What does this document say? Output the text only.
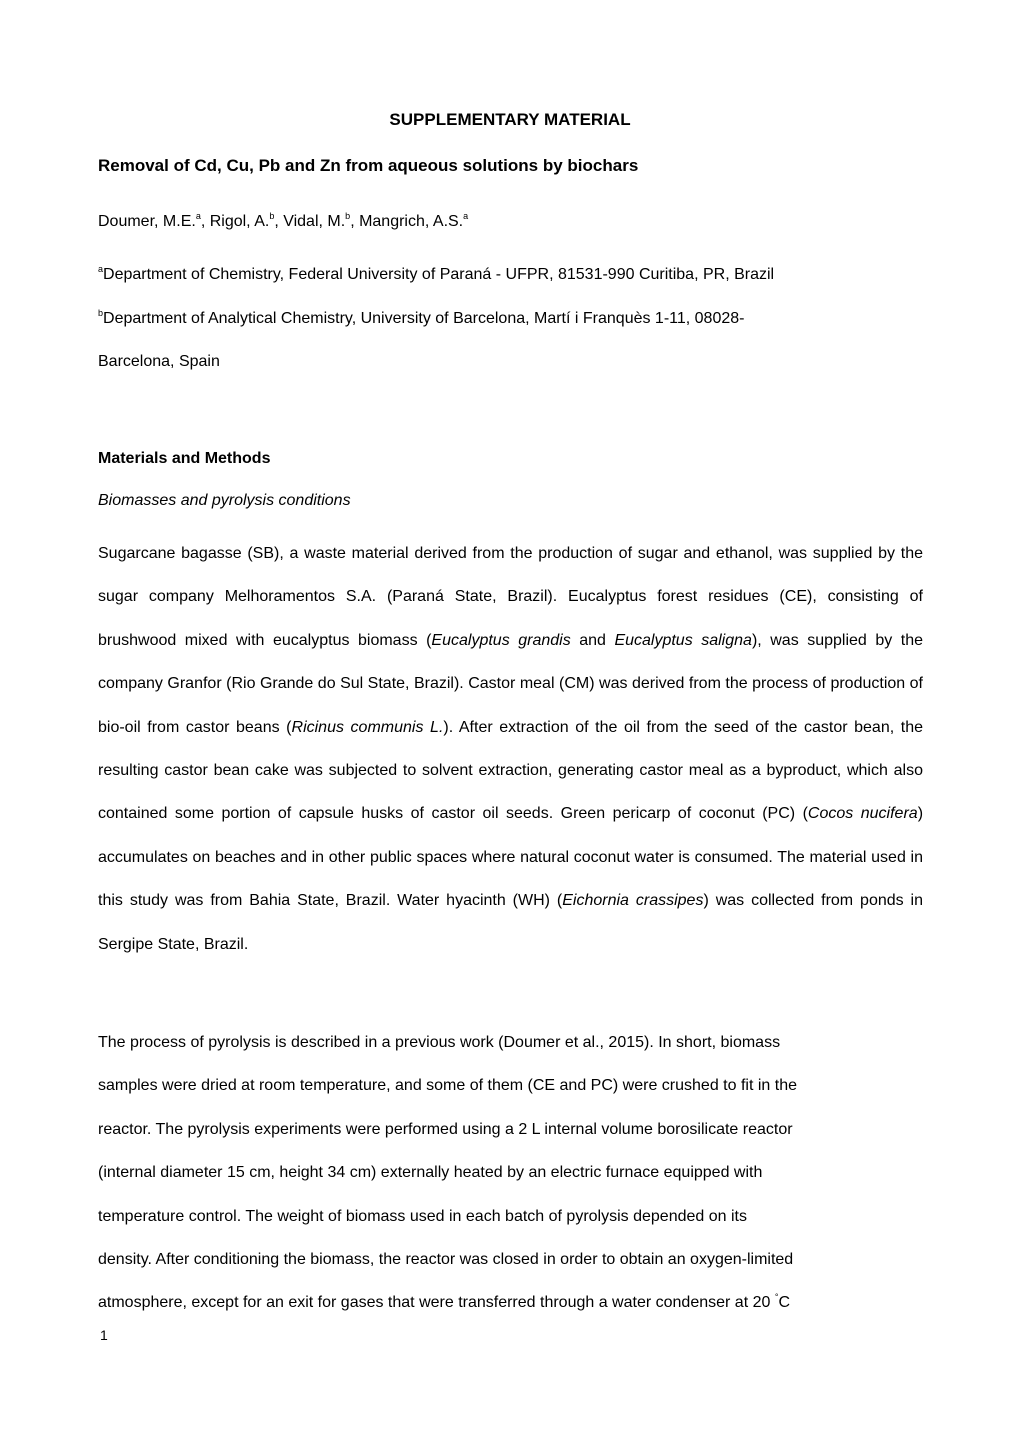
SUPPLEMENTARY MATERIAL

Removal of Cd, Cu, Pb and Zn from aqueous solutions by biochars

Doumer, M.E.$^a$, Rigol, A.$^b$, Vidal, M.$^b$, Mangrich, A.S.$^a$

$^a$Department of Chemistry, Federal University of Paraná - UFPR, 81531-990 Curitiba, PR, Brazil

$^b$Department of Analytical Chemistry, University of Barcelona, Martí i Franquès 1-11, 08028-

Barcelona, Spain

Materials and Methods

Biomasses and pyrolysis conditions

Sugarcane bagasse (SB), a waste material derived from the production of sugar and ethanol, was supplied by the sugar company Melhoramentos S.A. (Paraná State, Brazil). Eucalyptus forest residues (CE), consisting of brushwood mixed with eucalyptus biomass (Eucalyptus grandis and Eucalyptus saligna), was supplied by the company Granfor (Rio Grande do Sul State, Brazil). Castor meal (CM) was derived from the process of production of bio-oil from castor beans (Ricinus communis L.). After extraction of the oil from the seed of the castor bean, the resulting castor bean cake was subjected to solvent extraction, generating castor meal as a byproduct, which also contained some portion of capsule husks of castor oil seeds. Green pericarp of coconut (PC) (Cocos nucifera) accumulates on beaches and in other public spaces where natural coconut water is consumed. The material used in this study was from Bahia State, Brazil. Water hyacinth (WH) (Eichornia crassipes) was collected from ponds in Sergipe State, Brazil.

The process of pyrolysis is described in a previous work (Doumer et al., 2015). In short, biomass
samples were dried at room temperature, and some of them (CE and PC) were crushed to fit in the
reactor. The pyrolysis experiments were performed using a 2 L internal volume borosilicate reactor
(internal diameter 15 cm, height 34 cm) externally heated by an electric furnace equipped with
temperature control. The weight of biomass used in each batch of pyrolysis depended on its
density. After conditioning the biomass, the reactor was closed in order to obtain an oxygen-limited
atmosphere, except for an exit for gases that were transferred through a water condenser at 20 °C

1
